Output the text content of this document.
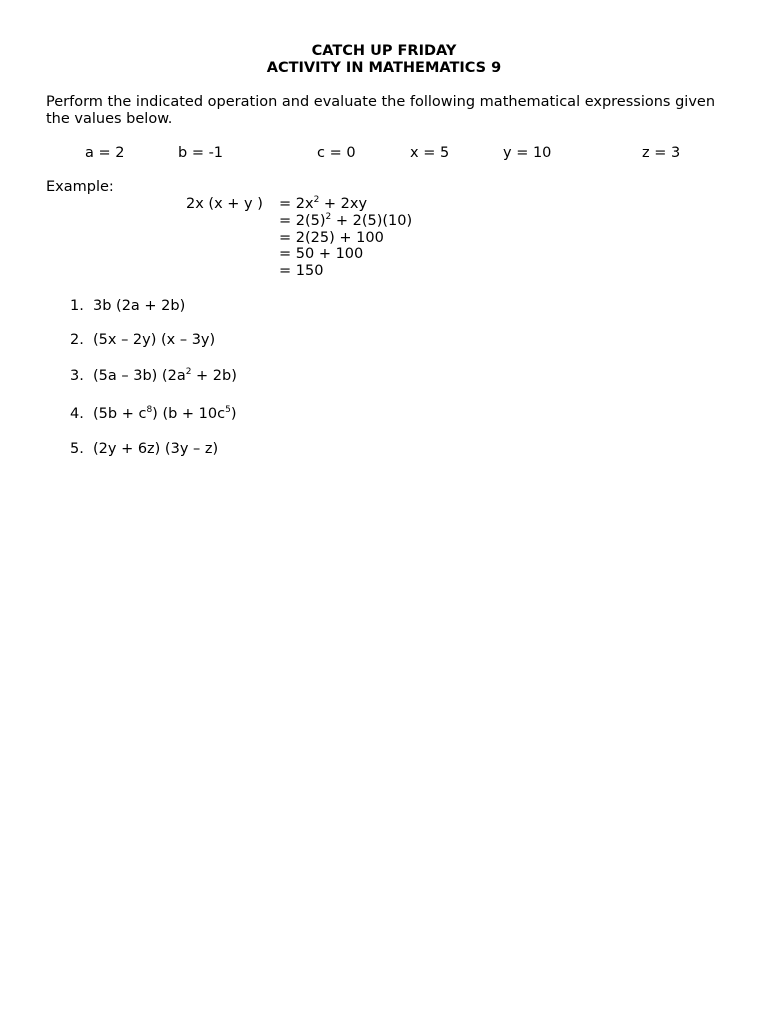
CATCH UP FRIDAY
ACTIVITY IN MATHEMATICS 9
Perform the indicated operation and evaluate the following mathematical expressions given the values below.
a = 2	b = -1	c = 0	x = 5	y = 10	z = 3
Example:
2x (x + y ) = $2x^2 + 2xy$
= $2(5)^2 + 2(5)(10)$
= 2(25) + 100
= 50 + 100
= 150
1. 3b (2a + 2b)
2. (5x – 2y) (x – 3y)
3. (5a – 3b) $(2a^2 + 2b)$
4. $(5b + c^8)$ $(b + 10c^5)$
5. (2y + 6z) (3y – z)
